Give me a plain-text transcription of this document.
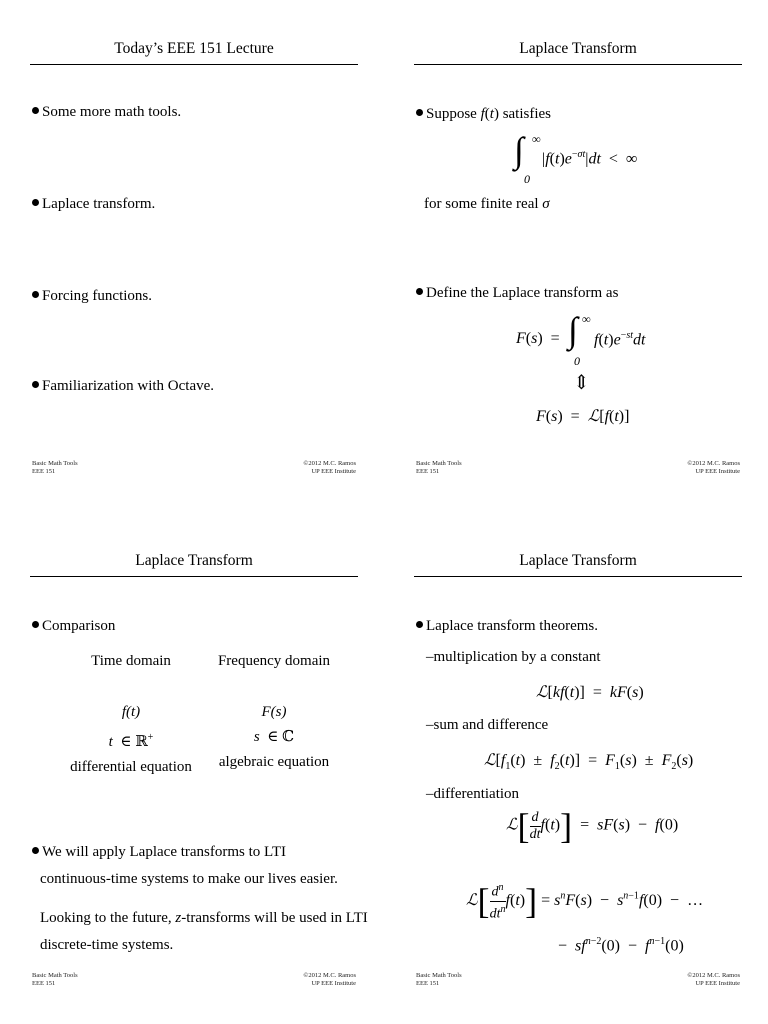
Today’s EEE 151 Lecture
Some more math tools.
Laplace transform.
Forcing functions.
Familiarization with Octave.
Basic Math Tools
EEE 151
©2012 M.C. Ramos
UP EEE Institute
Laplace Transform
Suppose f(t) satisfies
∫ ∞
0
$|f(t)e^{-\sigma t}|dt$  <  ∞
for some finite real σ
Define the Laplace transform as
F(s)  = ∫ ∞
0
$f(t)e^{-st}dt$
⇕
F(s)  =  ℒ[f(t)]
Basic Math Tools
EEE 151
©2012 M.C. Ramos
UP EEE Institute
Laplace Transform
Comparison
Time domain	Frequency domain
f(t)
t  ∈ ℝ+
differential equation
F(s)
s  ∈ ℂ
algebraic equation
We will apply Laplace transforms to LTI
continuous-time systems to make our lives easier.
Looking to the future, z-transforms will be used in LTI
discrete-time systems.
Basic Math Tools
EEE 151
©2012 M.C. Ramos
UP EEE Institute
Laplace Transform
Laplace transform theorems.
–multiplication by a constant
ℒ[kf(t)]  =  kF(s)
–sum and difference
$ℒ[f_1(t) \pm f_2(t)] = F_1(s) \pm F_2(s)$
–differentiation
ℒ[ $\frac{d}{dt} f(t)] = sF(s) - f(0)$
ℒ[ $\frac{d^n}{dt^n} f(t)] = s^nF(s) - s^{n-1}f(0)$  −  …
−  $sf^{n-2}(0) - f^{n-1}(0)$
Basic Math Tools
EEE 151
©2012 M.C. Ramos
UP EEE Institute
